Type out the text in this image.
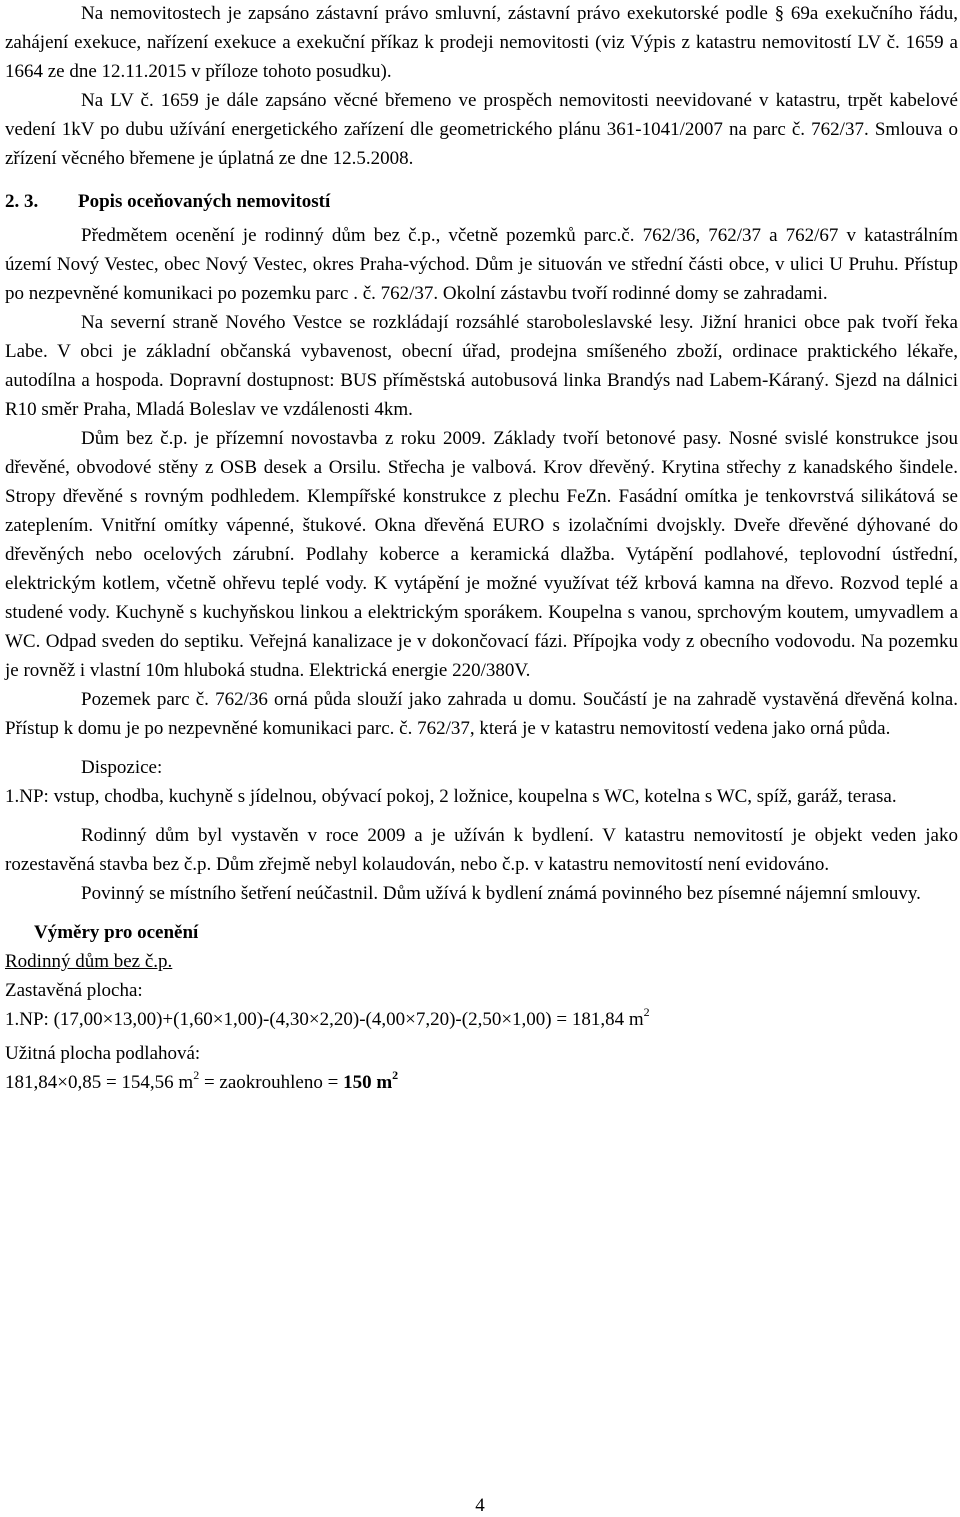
Na nemovitostech je zapsáno zástavní právo smluvní, zástavní právo exekutorské podle § 69a exekučního řádu, zahájení exekuce, nařízení exekuce a exekuční příkaz k prodeji nemovitosti (viz Výpis z katastru nemovitostí LV č. 1659 a 1664 ze dne 12.11.2015 v příloze tohoto posudku).

Na LV č. 1659 je dále zapsáno věcné břemeno ve prospěch nemovitosti neevidované v katastru, trpět kabelové vedení 1kV po dubu užívání energetického zařízení dle geometrického plánu 361-1041/2007 na parc č. 762/37. Smlouva o zřízení věcného břemene je úplatná ze dne 12.5.2008.

2. 3. Popis oceňovaných nemovitostí

Předmětem ocenění je rodinný dům bez č.p., včetně pozemků parc.č. 762/36, 762/37 a 762/67 v katastrálním území Nový Vestec, obec Nový Vestec, okres Praha-východ. Dům je situován ve střední části obce, v ulici U Pruhu. Přístup po nezpevněné komunikaci po pozemku parc . č. 762/37. Okolní zástavbu tvoří rodinné domy se zahradami.

Na severní straně Nového Vestce se rozkládají rozsáhlé staroboleslavské lesy. Jižní hranici obce pak tvoří řeka Labe. V obci je základní občanská vybavenost, obecní úřad, prodejna smíšeného zboží, ordinace praktického lékaře, autodílna a hospoda. Dopravní dostupnost: BUS příměstská autobusová linka Brandýs nad Labem-Káraný. Sjezd na dálnici R10 směr Praha, Mladá Boleslav ve vzdálenosti 4km.

Dům bez č.p. je přízemní novostavba z roku 2009. Základy tvoří betonové pasy. Nosné svislé konstrukce jsou dřevěné, obvodové stěny z OSB desek a Orsilu. Střecha je valbová. Krov dřevěný. Krytina střechy z kanadského šindele. Stropy dřevěné s rovným podhledem. Klempířské konstrukce z plechu FeZn. Fasádní omítka je tenkovrstvá silikátová se zateplením. Vnitřní omítky vápenné, štukové. Okna dřevěná EURO s izolačními dvojskly. Dveře dřevěné dýhované do dřevěných nebo ocelových zárubní. Podlahy koberce a keramická dlažba. Vytápění podlahové, teplovodní ústřední, elektrickým kotlem, včetně ohřevu teplé vody. K vytápění je možné využívat též krbová kamna na dřevo. Rozvod teplé a studené vody. Kuchyně s kuchyňskou linkou a elektrickým sporákem. Koupelna s vanou, sprchovým koutem, umyvadlem a WC. Odpad sveden do septiku. Veřejná kanalizace je v dokončovací fázi. Přípojka vody z obecního vodovodu. Na pozemku je rovněž i vlastní 10m hluboká studna. Elektrická energie 220/380V.

Pozemek parc č. 762/36 orná půda slouží jako zahrada u domu. Součástí je na zahradě vystavěná dřevěná kolna. Přístup k domu je po nezpevněné komunikaci parc. č. 762/37, která je v katastru nemovitostí vedena jako orná půda.

Dispozice:

1.NP: vstup, chodba, kuchyně s jídelnou, obývací pokoj, 2 ložnice, koupelna s WC, kotelna s WC, spíž, garáž, terasa.

Rodinný dům byl vystavěn v roce 2009 a je užíván k bydlení. V katastru nemovitostí je objekt veden jako rozestavěná stavba bez č.p. Dům zřejmě nebyl kolaudován, nebo č.p. v katastru nemovitostí není evidováno.

Povinný se místního šetření neúčastnil. Dům užívá k bydlení známá povinného bez písemné nájemní smlouvy.

Výměry pro ocenění

Rodinný dům bez č.p.

Zastavěná plocha:

1.NP: (17,00×13,00)+(1,60×1,00)-(4,30×2,20)-(4,00×7,20)-(2,50×1,00) = 181,84 $m^2$

Užitná plocha podlahová:

181,84×0,85 = 154,56 $m^2$ = zaokrouhleno = 150 $m^2$

4
